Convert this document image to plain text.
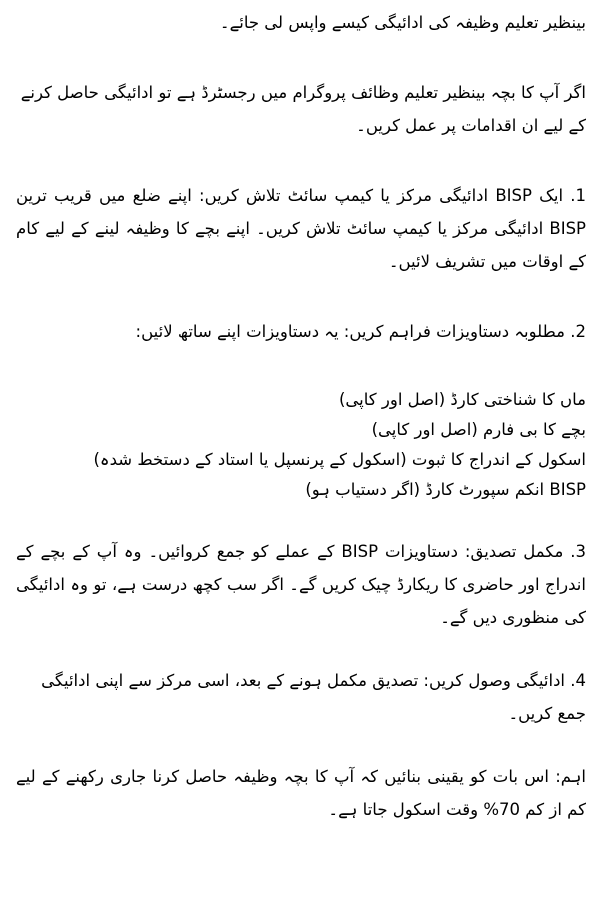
بینظیر تعلیم وظیفہ کی ادائیگی کیسے واپس لی جائے۔

اگر آپ کا بچہ بینظیر تعلیم وظائف پروگرام میں رجسٹرڈ ہے تو ادائیگی حاصل کرنے کے لیے ان اقدامات پر عمل کریں۔

1. ایک BISP ادائیگی مرکز یا کیمپ سائٹ تلاش کریں: اپنے ضلع میں قریب ترین BISP ادائیگی مرکز یا کیمپ سائٹ تلاش کریں۔ اپنے بچے کا وظیفہ لینے کے لیے کام کے اوقات میں تشریف لائیں۔

2. مطلوبہ دستاویزات فراہم کریں: یہ دستاویزات اپنے ساتھ لائیں:

ماں کا شناختی کارڈ (اصل اور کاپی)
بچے کا بی فارم (اصل اور کاپی)
اسکول کے اندراج کا ثبوت (اسکول کے پرنسپل یا استاد کے دستخط شدہ)
BISP انکم سپورٹ کارڈ (اگر دستیاب ہو)

3. مکمل تصدیق: دستاویزات BISP کے عملے کو جمع کروائیں۔ وہ آپ کے بچے کے اندراج اور حاضری کا ریکارڈ چیک کریں گے۔ اگر سب کچھ درست ہے، تو وہ ادائیگی کی منظوری دیں گے۔

4. ادائیگی وصول کریں: تصدیق مکمل ہونے کے بعد، اسی مرکز سے اپنی ادائیگی جمع کریں۔

اہم: اس بات کو یقینی بنائیں کہ آپ کا بچہ وظیفہ حاصل کرنا جاری رکھنے کے لیے کم از کم 70% وقت اسکول جاتا ہے۔
